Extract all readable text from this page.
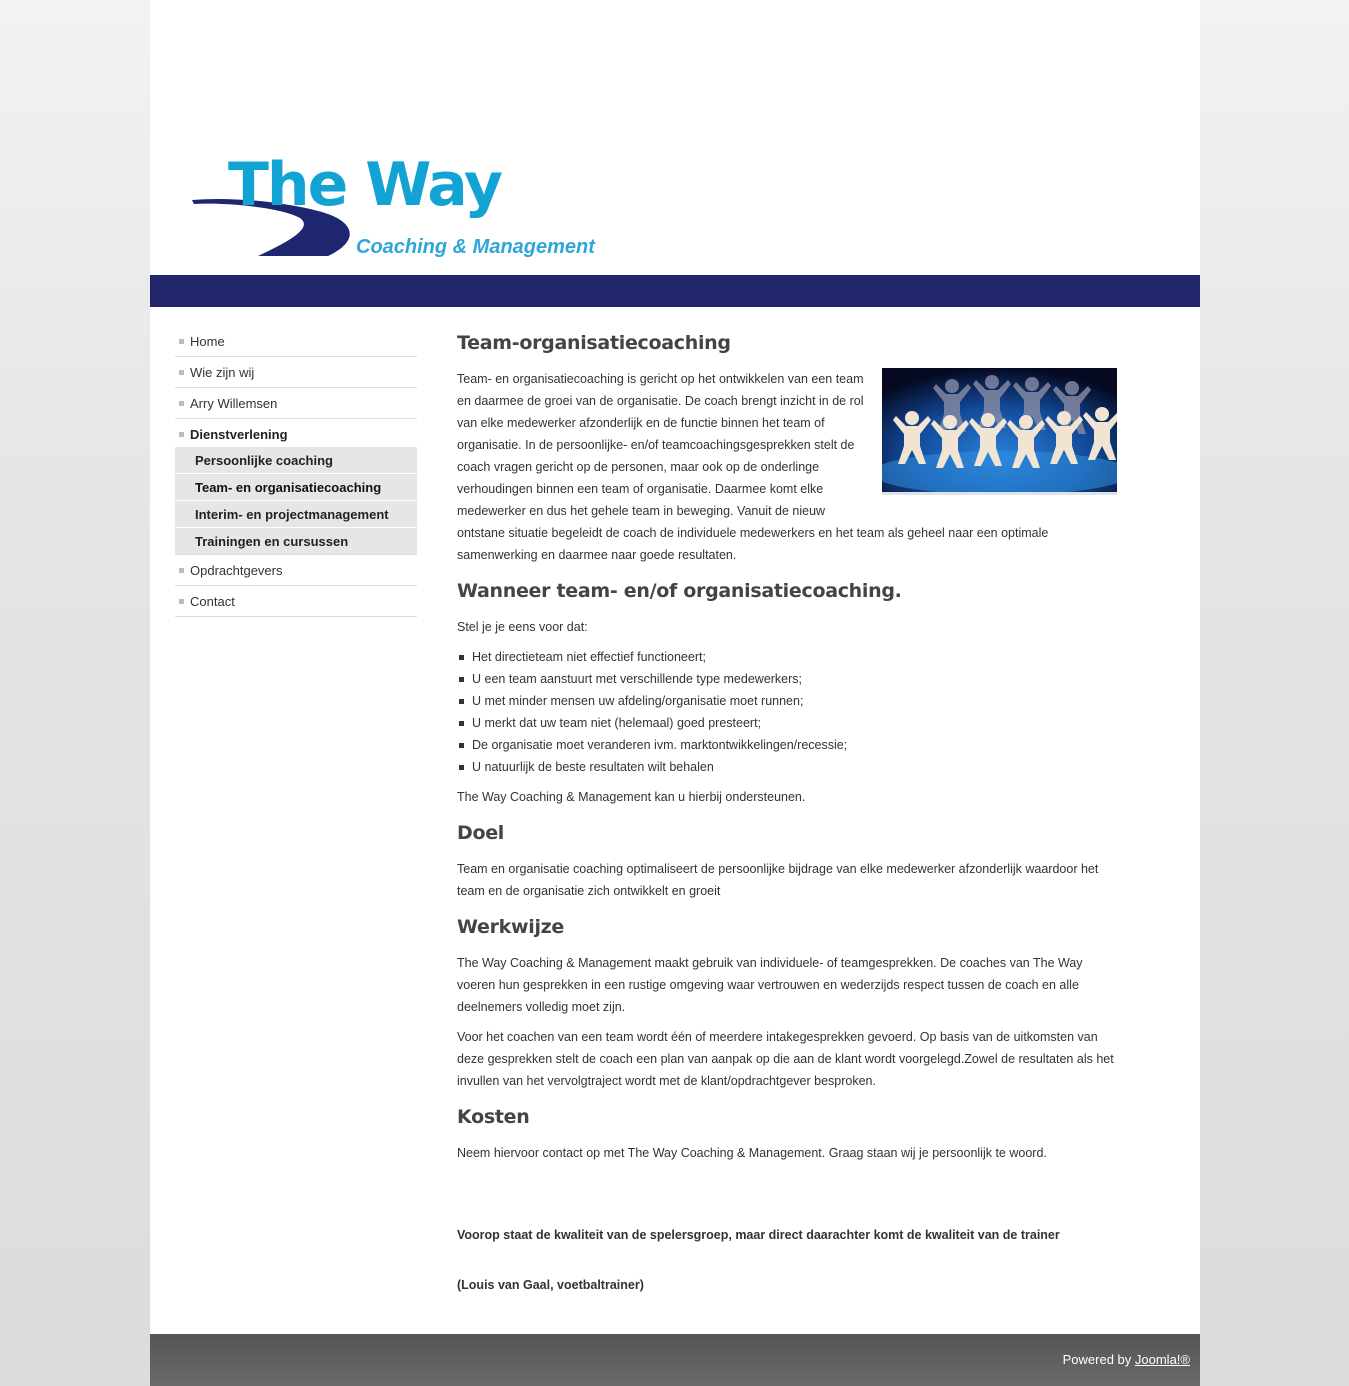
The Way
Coaching & Management
Home
Wie zijn wij
Arry Willemsen
Dienstverlening
Persoonlijke coaching
Team- en organisatiecoaching
Interim- en projectmanagement
Trainingen en cursussen
Opdrachtgevers
Contact
Team-organisatiecoaching

Team- en organisatiecoaching is gericht op het ontwikkelen van een team en daarmee de groei van de organisatie. De coach brengt inzicht in de rol van elke medewerker afzonderlijk en de functie binnen het team of organisatie. In de persoonlijke- en/of teamcoachingsgesprekken stelt de coach vragen gericht op de personen, maar ook op de onderlinge verhoudingen binnen een team of organisatie. Daarmee komt elke medewerker en dus het gehele team in beweging. Vanuit de nieuw ontstane situatie begeleidt de coach de individuele medewerkers en het team als geheel naar een optimale samenwerking en daarmee naar goede resultaten.

Wanneer team- en/of organisatiecoaching.

Stel je je eens voor dat:

Het directieteam niet effectief functioneert;
U een team aanstuurt met verschillende type medewerkers;
U met minder mensen uw afdeling/organisatie moet runnen;
U merkt dat uw team niet (helemaal) goed presteert;
De organisatie moet veranderen ivm. marktontwikkelingen/recessie;
U natuurlijk de beste resultaten wilt behalen

The Way Coaching & Management kan u hierbij ondersteunen.

Doel

Team en organisatie coaching optimaliseert de persoonlijke bijdrage van elke medewerker afzonderlijk waardoor het team en de organisatie zich ontwikkelt en groeit

Werkwijze

The Way Coaching & Management maakt gebruik van individuele- of teamgesprekken. De coaches van The Way voeren hun gesprekken in een rustige omgeving waar vertrouwen en wederzijds respect tussen de coach en alle deelnemers volledig moet zijn.

Voor het coachen van een team wordt één of meerdere intakegesprekken gevoerd. Op basis van de uitkomsten van deze gesprekken stelt de coach een plan van aanpak op die aan de klant wordt voorgelegd.Zowel de resultaten als het invullen van het vervolgtraject wordt met de klant/opdrachtgever besproken.

Kosten

Neem hiervoor contact op met The Way Coaching & Management. Graag staan wij je persoonlijk te woord.

Voorop staat de kwaliteit van de spelersgroep, maar direct daarachter komt de kwaliteit van de trainer

(Louis van Gaal, voetbaltrainer)

Powered by Joomla!®
